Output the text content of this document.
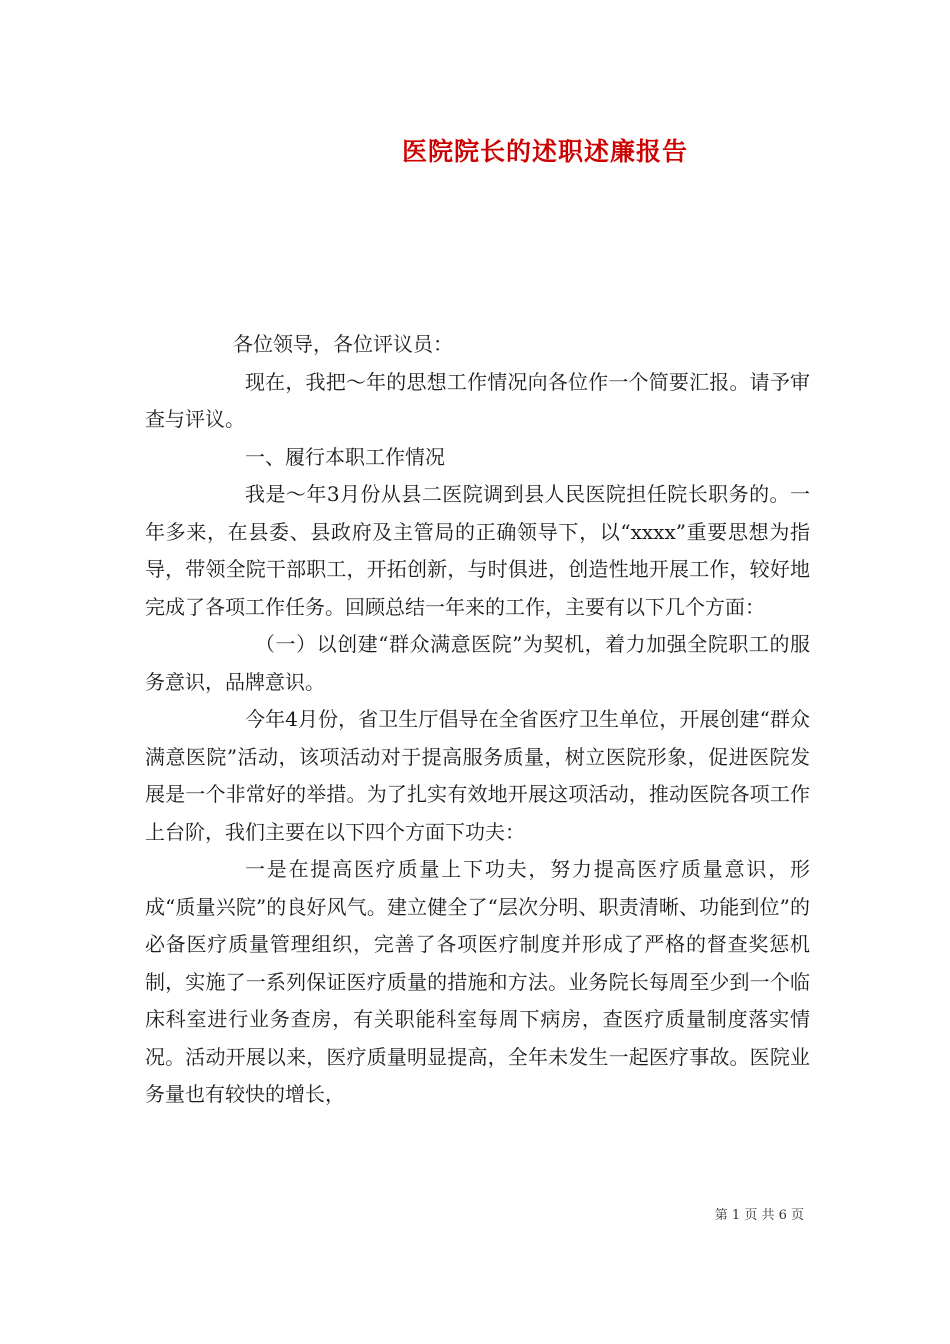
医院院长的述职述廉报告

各位领导，各位评议员：

现在，我把～年的思想工作情况向各位作一个简要汇报。请予审查与评议。

一、履行本职工作情况

我是～年3月份从县二医院调到县人民医院担任院长职务的。一年多来，在县委、县政府及主管局的正确领导下，以“xxxx”重要思想为指导，带领全院干部职工，开拓创新，与时俱进，创造性地开展工作，较好地完成了各项工作任务。回顾总结一年来的工作，主要有以下几个方面：

（一）以创建“群众满意医院”为契机，着力加强全院职工的服务意识，品牌意识。

今年4月份，省卫生厅倡导在全省医疗卫生单位，开展创建“群众满意医院”活动，该项活动对于提高服务质量，树立医院形象，促进医院发展是一个非常好的举措。为了扎实有效地开展这项活动，推动医院各项工作上台阶，我们主要在以下四个方面下功夫：

一是在提高医疗质量上下功夫，努力提高医疗质量意识，形成“质量兴院”的良好风气。建立健全了“层次分明、职责清晰、功能到位”的必备医疗质量管理组织，完善了各项医疗制度并形成了严格的督查奖惩机制，实施了一系列保证医疗质量的措施和方法。业务院长每周至少到一个临床科室进行业务查房，有关职能科室每周下病房，查医疗质量制度落实情况。活动开展以来，医疗质量明显提高，全年未发生一起医疗事故。医院业务量也有较快的增长，

第 1 页 共 6 页
